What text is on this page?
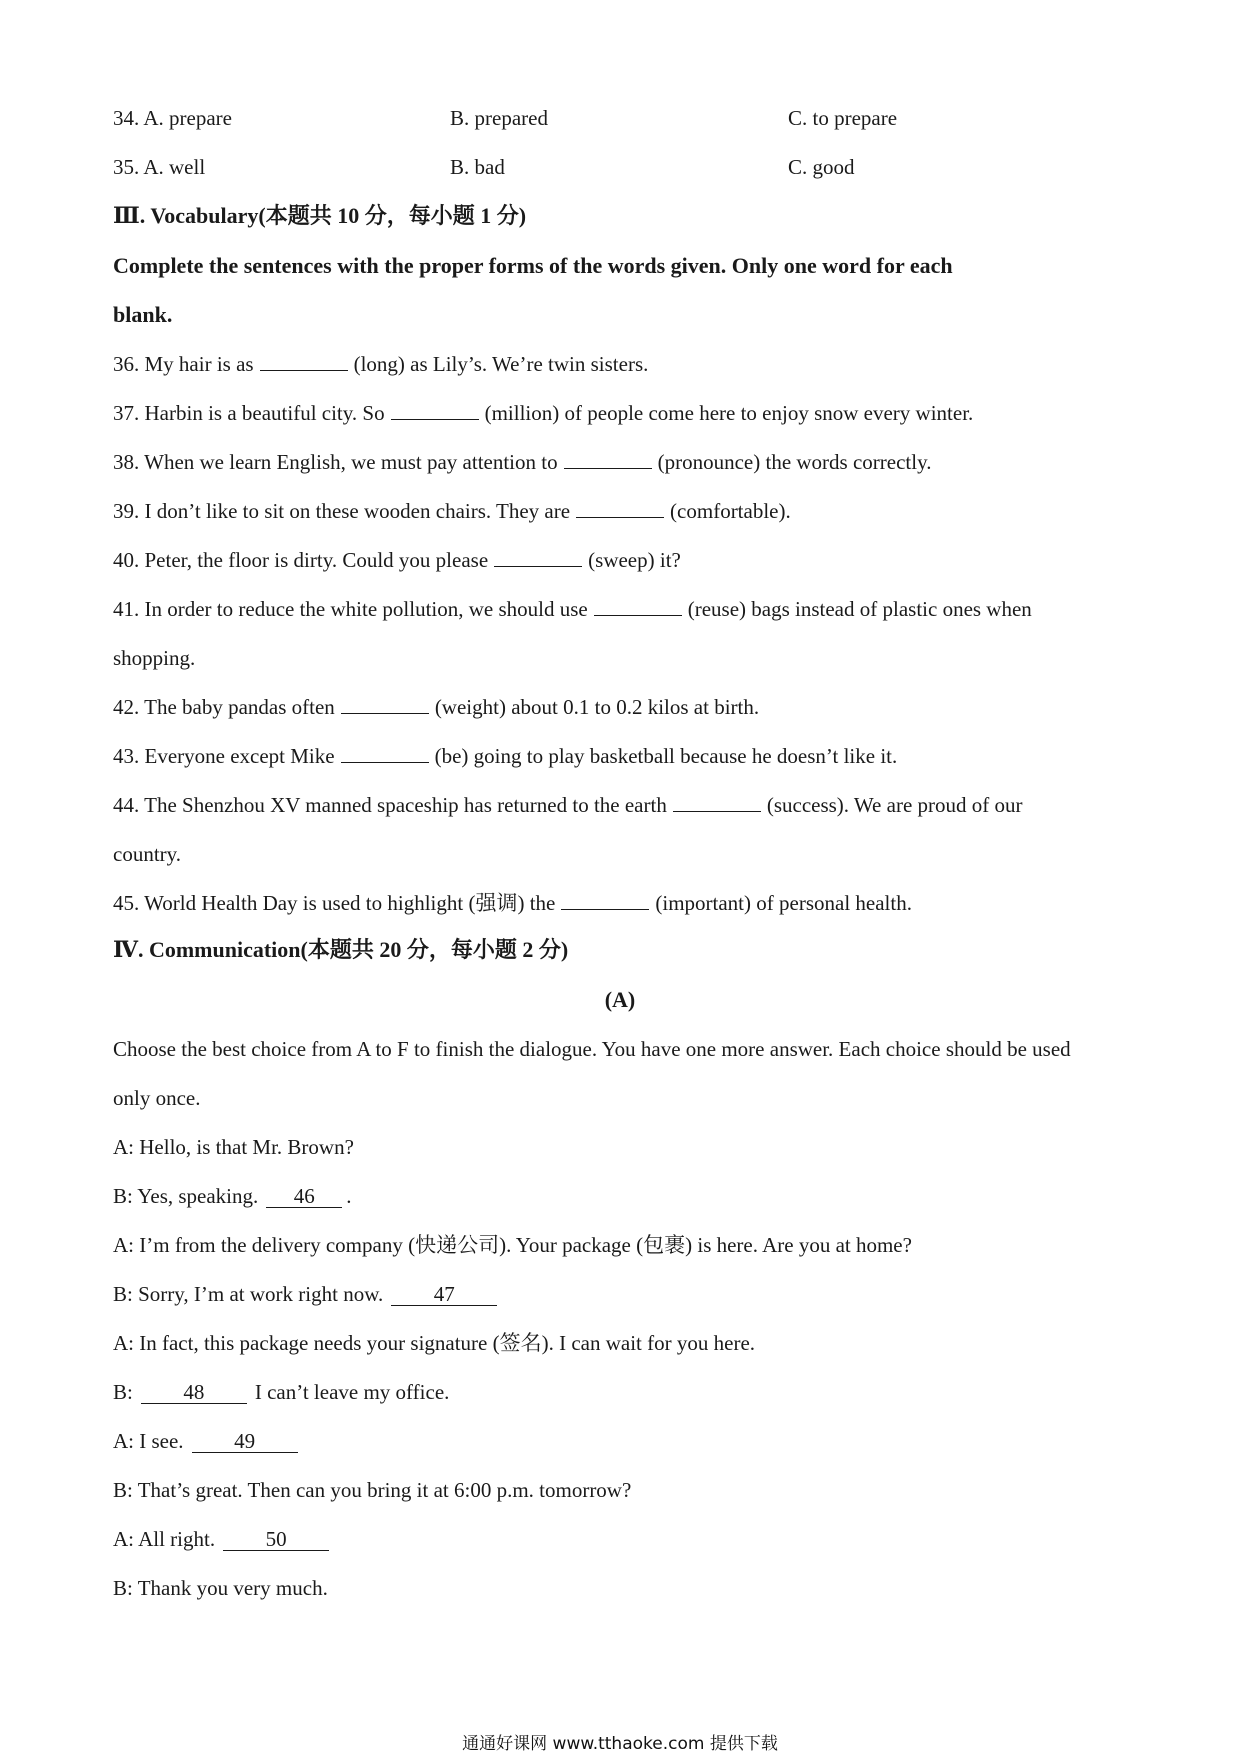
34. A. prepare	B. prepared	C. to prepare
35. A. well	B. bad	C. good
Ⅲ. Vocabulary(本题共 10 分，每小题 1 分)
Complete the sentences with the proper forms of the words given. Only one word for each
blank.
36. My hair is as	(long) as Lily’s. We’re twin sisters.
37. Harbin is a beautiful city. So	(million) of people come here to enjoy snow every winter.
38. When we learn English, we must pay attention to	(pronounce) the words correctly.
39. I don’t like to sit on these wooden chairs. They are	(comfortable).
40. Peter, the floor is dirty. Could you please	(sweep) it?
41. In order to reduce the white pollution, we should use	(reuse) bags instead of plastic ones when
shopping.
42. The baby pandas often	(weight) about 0.1 to 0.2 kilos at birth.
43. Everyone except Mike	(be) going to play basketball because he doesn’t like it.
44. The Shenzhou XV manned spaceship has returned to the earth	(success). We are proud of our
country.
45. World Health Day is used to highlight (强调) the	(important) of personal health.
Ⅳ. Communication(本题共 20 分，每小题 2 分)
(A)
Choose the best choice from A to F to finish the dialogue. You have one more answer. Each choice should be used
only once.
A: Hello, is that Mr. Brown?
B: Yes, speaking. 46 .
A: I’m from the delivery company (快递公司). Your package (包裹) is here. Are you at home?
B: Sorry, I’m at work right now. 47
A: In fact, this package needs your signature (签名). I can wait for you here.
B: 48 I can’t leave my office.
A: I see. 49
B: That’s great. Then can you bring it at 6:00 p.m. tomorrow?
A: All right. 50
B: Thank you very much.
通通好课网 www.tthaoke.com 提供下载
